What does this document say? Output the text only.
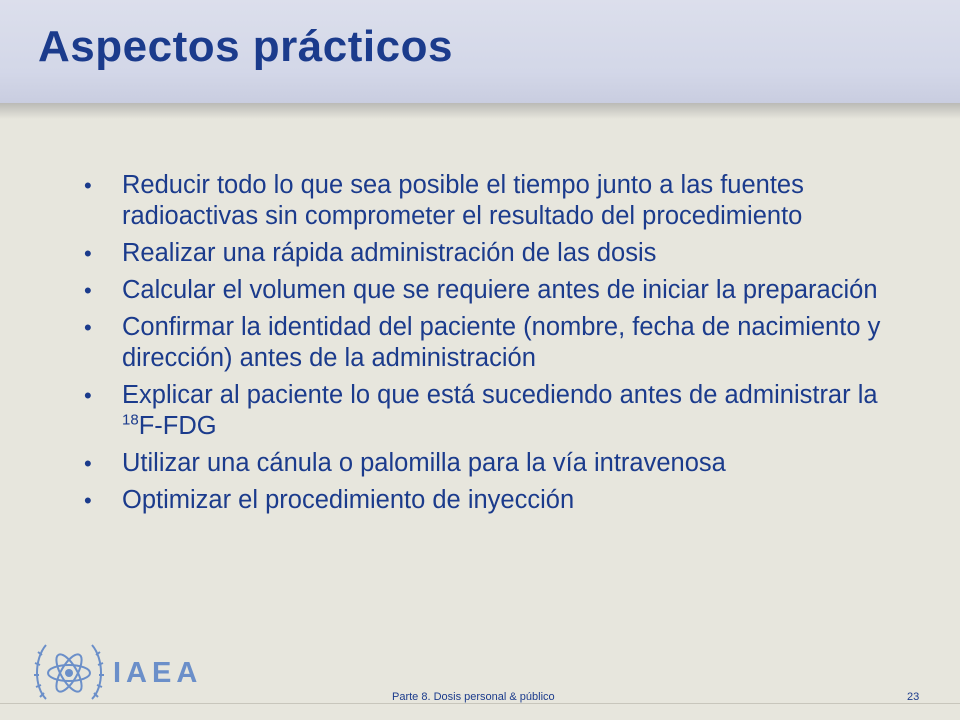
Aspectos prácticos
• Reducir todo lo que sea posible el tiempo junto a las fuentes radioactivas sin comprometer el resultado del procedimiento
• Realizar una rápida administración de las dosis
• Calcular el volumen que se requiere antes de iniciar la preparación
• Confirmar la identidad del paciente (nombre, fecha de nacimiento y dirección) antes de la administración
• Explicar al paciente lo que está sucediendo antes de administrar la $^{18}$F-FDG
• Utilizar una cánula o palomilla para la vía intravenosa
• Optimizar el procedimiento de inyección
IAEA
Parte 8. Dosis personal & público	23
